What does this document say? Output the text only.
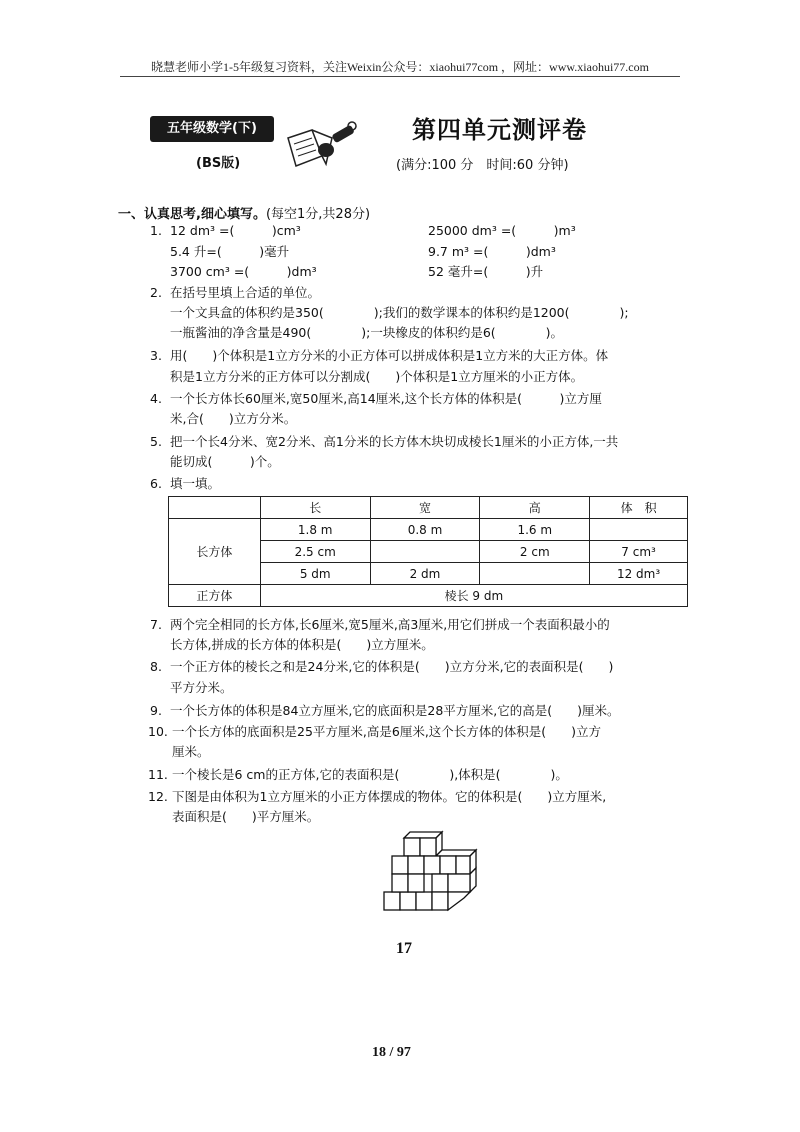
晓慧老师小学1-5年级复习资料，关注Weixin公众号：xiaohui77com ，网址：www.xiaohui77.com
五年级数学(下)
(BS版)
第四单元测评卷
(满分:100 分　时间:60 分钟)
一、认真思考,细心填写。(每空1分,共28分)
1. 12 dm³ =(　　　)cm³	25000 dm³ =(　　　)m³
5.4 升=(　　　)毫升	9.7 m³ =(　　　)dm³
3700 cm³ =(　　　)dm³	52 毫升=(　　　)升
2. 在括号里填上合适的单位。
一个文具盒的体积约是350(　　　　);我们的数学课本的体积约是1200(　　　　);
一瓶酱油的净含量是490(　　　　);一块橡皮的体积约是6(　　　　)。
3. 用(　　)个体积是1立方分米的小正方体可以拼成体积是1立方米的大正方体。体
积是1立方分米的正方体可以分割成(　　)个体积是1立方厘米的小正方体。
4. 一个长方体长60厘米,宽50厘米,高14厘米,这个长方体的体积是(　　　)立方厘
米,合(　　)立方分米。
5. 把一个长4分米、宽2分米、高1分米的长方体木块切成棱长1厘米的小正方体,一共
能切成(　　　)个。
6. 填一填。
	长	宽	高	体　积
长方体	1.8 m	0.8 m	1.6 m	
	2.5 cm		2 cm	7 cm³
	5 dm	2 dm		12 dm³
正方体	棱长 9 dm			
7. 两个完全相同的长方体,长6厘米,宽5厘米,高3厘米,用它们拼成一个表面积最小的
长方体,拼成的长方体的体积是(　　)立方厘米。
8. 一个正方体的棱长之和是24分米,它的体积是(　　)立方分米,它的表面积是(　　)
平方分米。
9. 一个长方体的体积是84立方厘米,它的底面积是28平方厘米,它的高是(　　)厘米。
10. 一个长方体的底面积是25平方厘米,高是6厘米,这个长方体的体积是(　　)立方
厘米。
11. 一个棱长是6 cm的正方体,它的表面积是(　　　　),体积是(　　　　)。
12. 下图是由体积为1立方厘米的小正方体摆成的物体。它的体积是(　　)立方厘米,
表面积是(　　)平方厘米。
17
18 / 97
